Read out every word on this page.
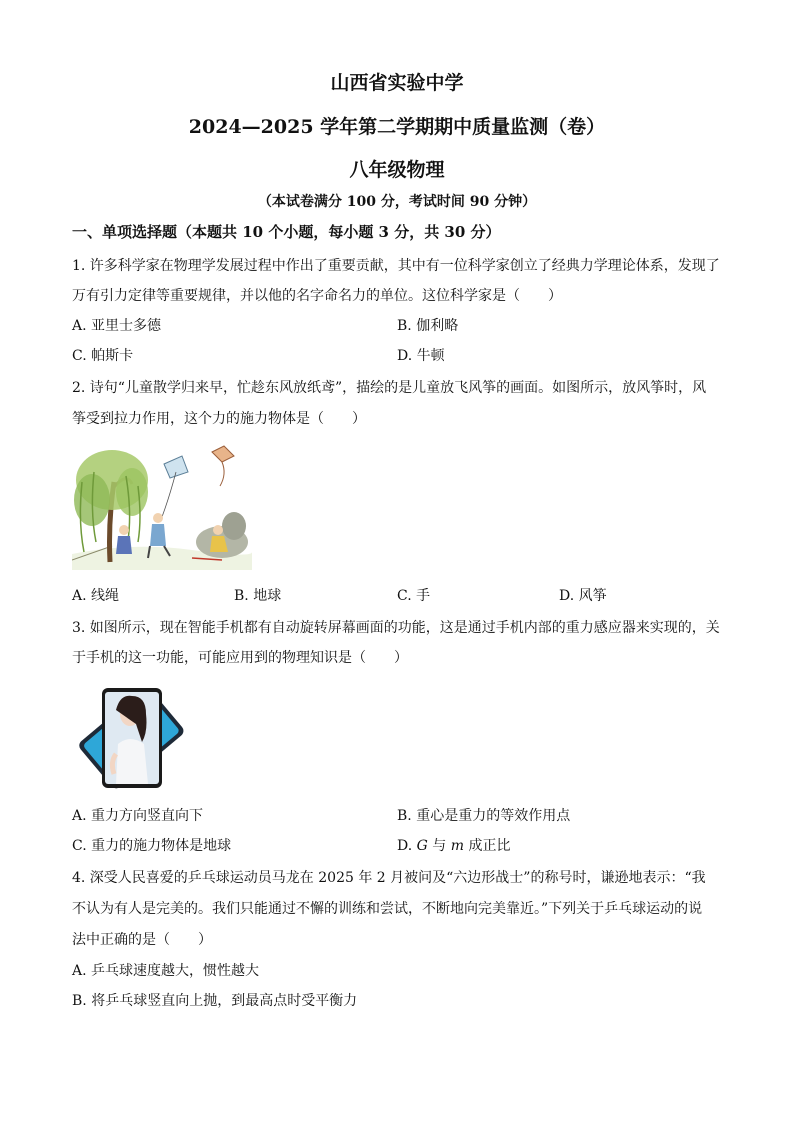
山西省实验中学
2024—2025 学年第二学期期中质量监测（卷）
八年级物理
（本试卷满分 100 分，考试时间 90 分钟）
一、单项选择题（本题共 10 个小题，每小题 3 分，共 30 分）
1. 许多科学家在物理学发展过程中作出了重要贡献，其中有一位科学家创立了经典力学理论体系，发现了
万有引力定律等重要规律，并以他的名字命名力的单位。这位科学家是（　　）
A. 亚里士多德	B. 伽利略
C. 帕斯卡	D. 牛顿
2. 诗句“儿童散学归来早，忙趁东风放纸鸢”，描绘的是儿童放飞风筝的画面。如图所示，放风筝时，风
筝受到拉力作用，这个力的施力物体是（　　）
A. 线绳	B. 地球	C. 手	D. 风筝
3. 如图所示，现在智能手机都有自动旋转屏幕画面的功能，这是通过手机内部的重力感应器来实现的，关
于手机的这一功能，可能应用到的物理知识是（　　）
A. 重力方向竖直向下	B. 重心是重力的等效作用点
C. 重力的施力物体是地球	D. G 与 m 成正比
4. 深受人民喜爱的乒乓球运动员马龙在 2025 年 2 月被问及“六边形战士”的称号时，谦逊地表示：“我
不认为有人是完美的。我们只能通过不懈的训练和尝试，不断地向完美靠近。”下列关于乒乓球运动的说
法中正确的是（　　）
A. 乒乓球速度越大，惯性越大
B. 将乒乓球竖直向上抛，到最高点时受平衡力
